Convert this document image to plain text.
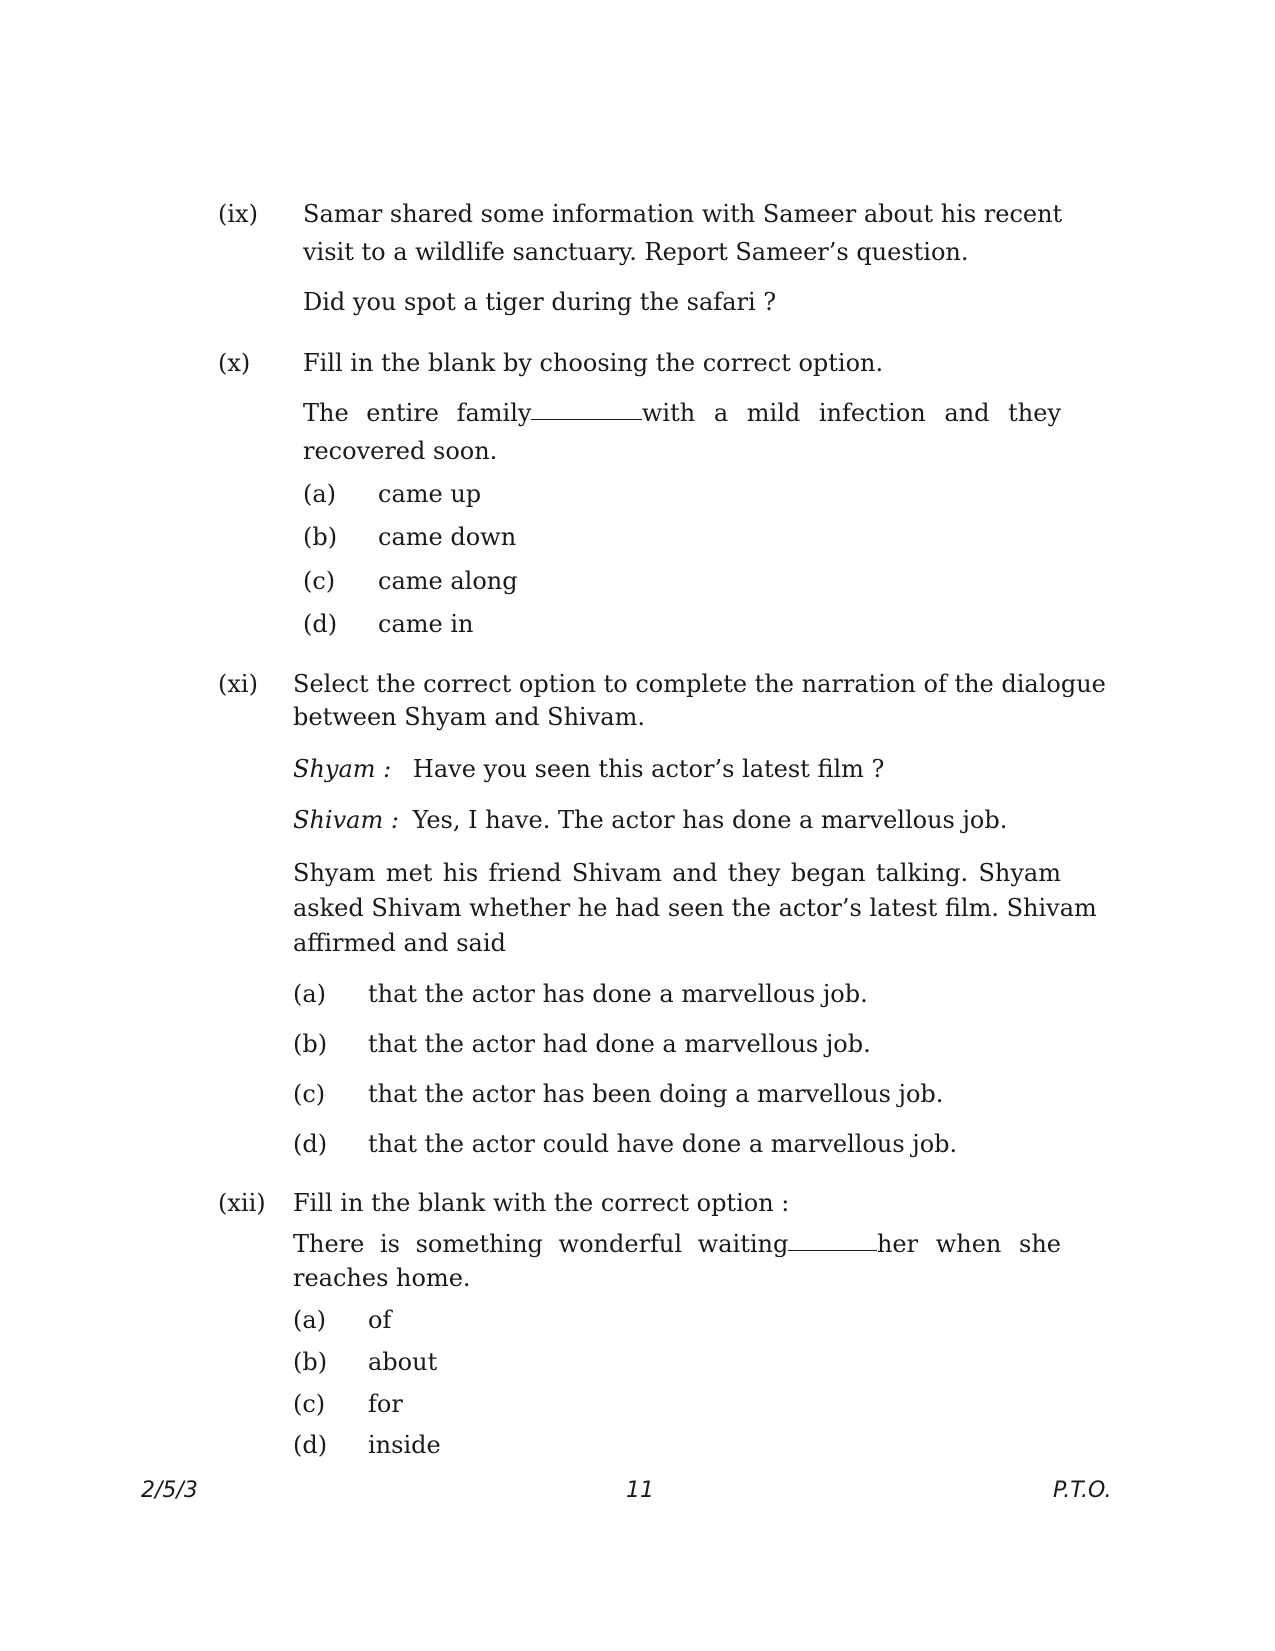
(ix) Samar shared some information with Sameer about his recent
visit to a wildlife sanctuary. Report Sameer’s question.
Did you spot a tiger during the safari ?
(x) Fill in the blank by choosing the correct option.
The entire family	with a mild infection and they
recovered soon.
(a) came up
(b) came down
(c) came along
(d) came in
(xi) Select the correct option to complete the narration of the dialogue
between Shyam and Shivam.
Shyam : Have you seen this actor’s latest film ?
Shivam : Yes, I have. The actor has done a marvellous job.
Shyam met his friend Shivam and they began talking. Shyam
asked Shivam whether he had seen the actor’s latest film. Shivam
affirmed and said
(a) that the actor has done a marvellous job.
(b) that the actor had done a marvellous job.
(c) that the actor has been doing a marvellous job.
(d) that the actor could have done a marvellous job.
(xii) Fill in the blank with the correct option :
There is something wonderful waiting	her when she
reaches home.
(a) of
(b) about
(c) for
(d) inside
2/5/3	11	P.T.O.
